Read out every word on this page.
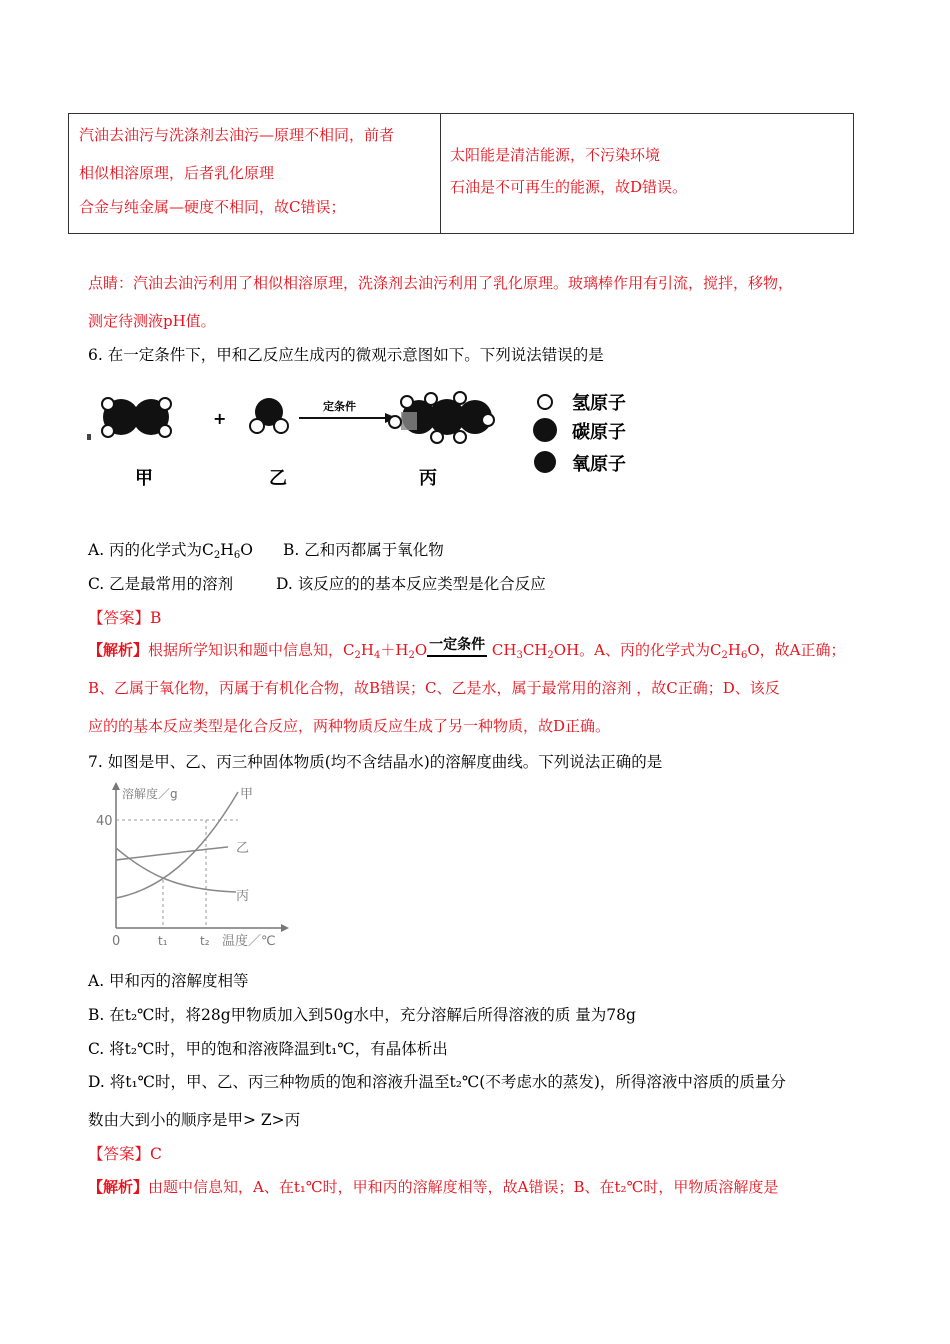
汽油去油污与洗涤剂去油污—原理不相同，前者
相似相溶原理，后者乳化原理
合金与纯金属—硬度不相同，故C错误；

太阳能是清洁能源，不污染环境
石油是不可再生的能源，故D错误。
点睛：汽油去油污利用了相似相溶原理，洗涤剂去油污利用了乳化原理。玻璃棒作用有引流，搅拌，移物，
测定待测液pH值。
6. 在一定条件下，甲和乙反应生成丙的微观示意图如下。下列说法错误的是
+
定条件	氢原子
碳原子
氧原子
甲	乙	丙
A. 丙的化学式为$C_2H_6O$ B. 乙和丙都属于氧化物
C. 乙是最常用的溶剂	D. 该反应的的基本反应类型是化合反应
【答案】B
【解析】根据所学知识和题中信息知，$C_2H_4+H_2O$ 一定条件 $CH_3CH_2OH$。A、丙的化学式为$C_2H_6O$，故A正确；
B、乙属于氧化物，丙属于有机化合物，故B错误；C、乙是水，属于最常用的溶剂 ，故C正确；D、该反
应的的基本反应类型是化合反应，两种物质反应生成了另一种物质，故D正确。
7. 如图是甲、乙、丙三种固体物质(均不含结晶水)的溶解度曲线。下列说法正确的是
溶解度／g
40
0	t₁	t₂ 温度／℃
甲
乙
丙
A. 甲和丙的溶解度相等
B. 在t₂℃时，将28g甲物质加入到50g水中，充分溶解后所得溶液的质 量为78g
C. 将t₂℃时，甲的饱和溶液降温到t₁℃，有晶体析出
D. 将t₁℃时，甲、乙、丙三种物质的饱和溶液升温至t₂℃(不考虑水的蒸发)，所得溶液中溶质的质量分
数由大到小的顺序是甲> Z>丙
【答案】C
【解析】由题中信息知，A、在t₁℃时，甲和丙的溶解度相等，故A错误；B、在t₂℃时，甲物质溶解度是
